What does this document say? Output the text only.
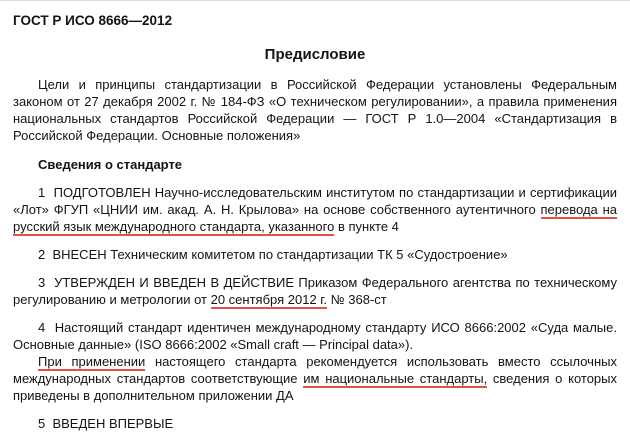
ГОСТ Р ИСО 8666—2012
Предисловие

Цели и принципы стандартизации в Российской Федерации установлены Федеральным законом от 27 декабря 2002 г. № 184-ФЗ «О техническом регулировании», а правила применения национальных стандартов Российской Федерации — ГОСТ Р 1.0—2004 «Стандартизация в Российской Федерации. Основные положения»

Сведения о стандарте

1  ПОДГОТОВЛЕН Научно-исследовательским институтом по стандартизации и сертификации «Лот» ФГУП «ЦНИИ им. акад. А. Н. Крылова» на основе собственного аутентичного перевода на русский язык международного стандарта, указанного в пункте 4

2  ВНЕСЕН Техническим комитетом по стандартизации ТК 5 «Судостроение»

3  УТВЕРЖДЕН И ВВЕДЕН В ДЕЙСТВИЕ Приказом Федерального агентства по техническому регулированию и метрологии от 20 сентября 2012 г. № 368-ст

4  Настоящий стандарт идентичен международному стандарту ИСО 8666:2002 «Суда малые. Основные данные» (ISO 8666:2002 «Small craft — Principal data»).

При применении настоящего стандарта рекомендуется использовать вместо ссылочных международных стандартов соответствующие им национальные стандарты, сведения о которых приведены в дополнительном приложении ДА

5  ВВЕДЕН ВПЕРВЫЕ
